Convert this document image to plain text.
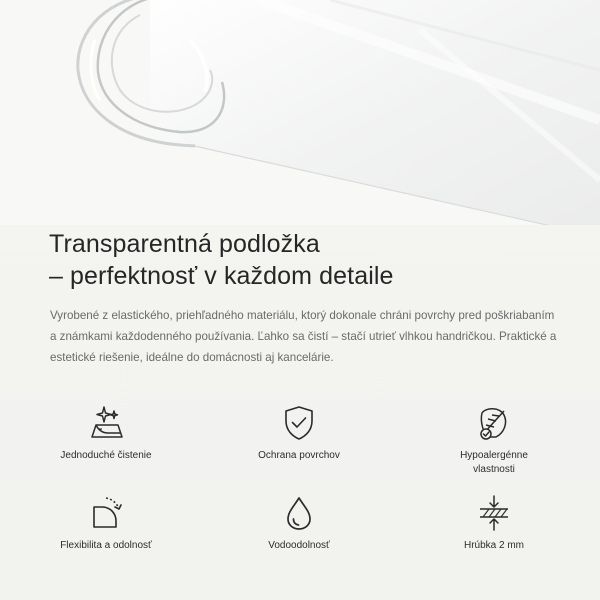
Transparentná podložka
– perfektnosť v každom detaile
Vyrobené z elastického, priehľadného materiálu, ktorý dokonale chráni povrchy pred poškriabaním a známkami každodenného používania. Ľahko sa čistí – stačí utrieť vlhkou handričkou. Praktické a estetické riešenie, ideálne do domácnosti aj kancelárie.
Jednoduché čistenie	Ochrana povrchov	Hypoalergénne vlastnosti
Flexibilita a odolnosť	Vodoodolnosť	Hrúbka 2 mm
